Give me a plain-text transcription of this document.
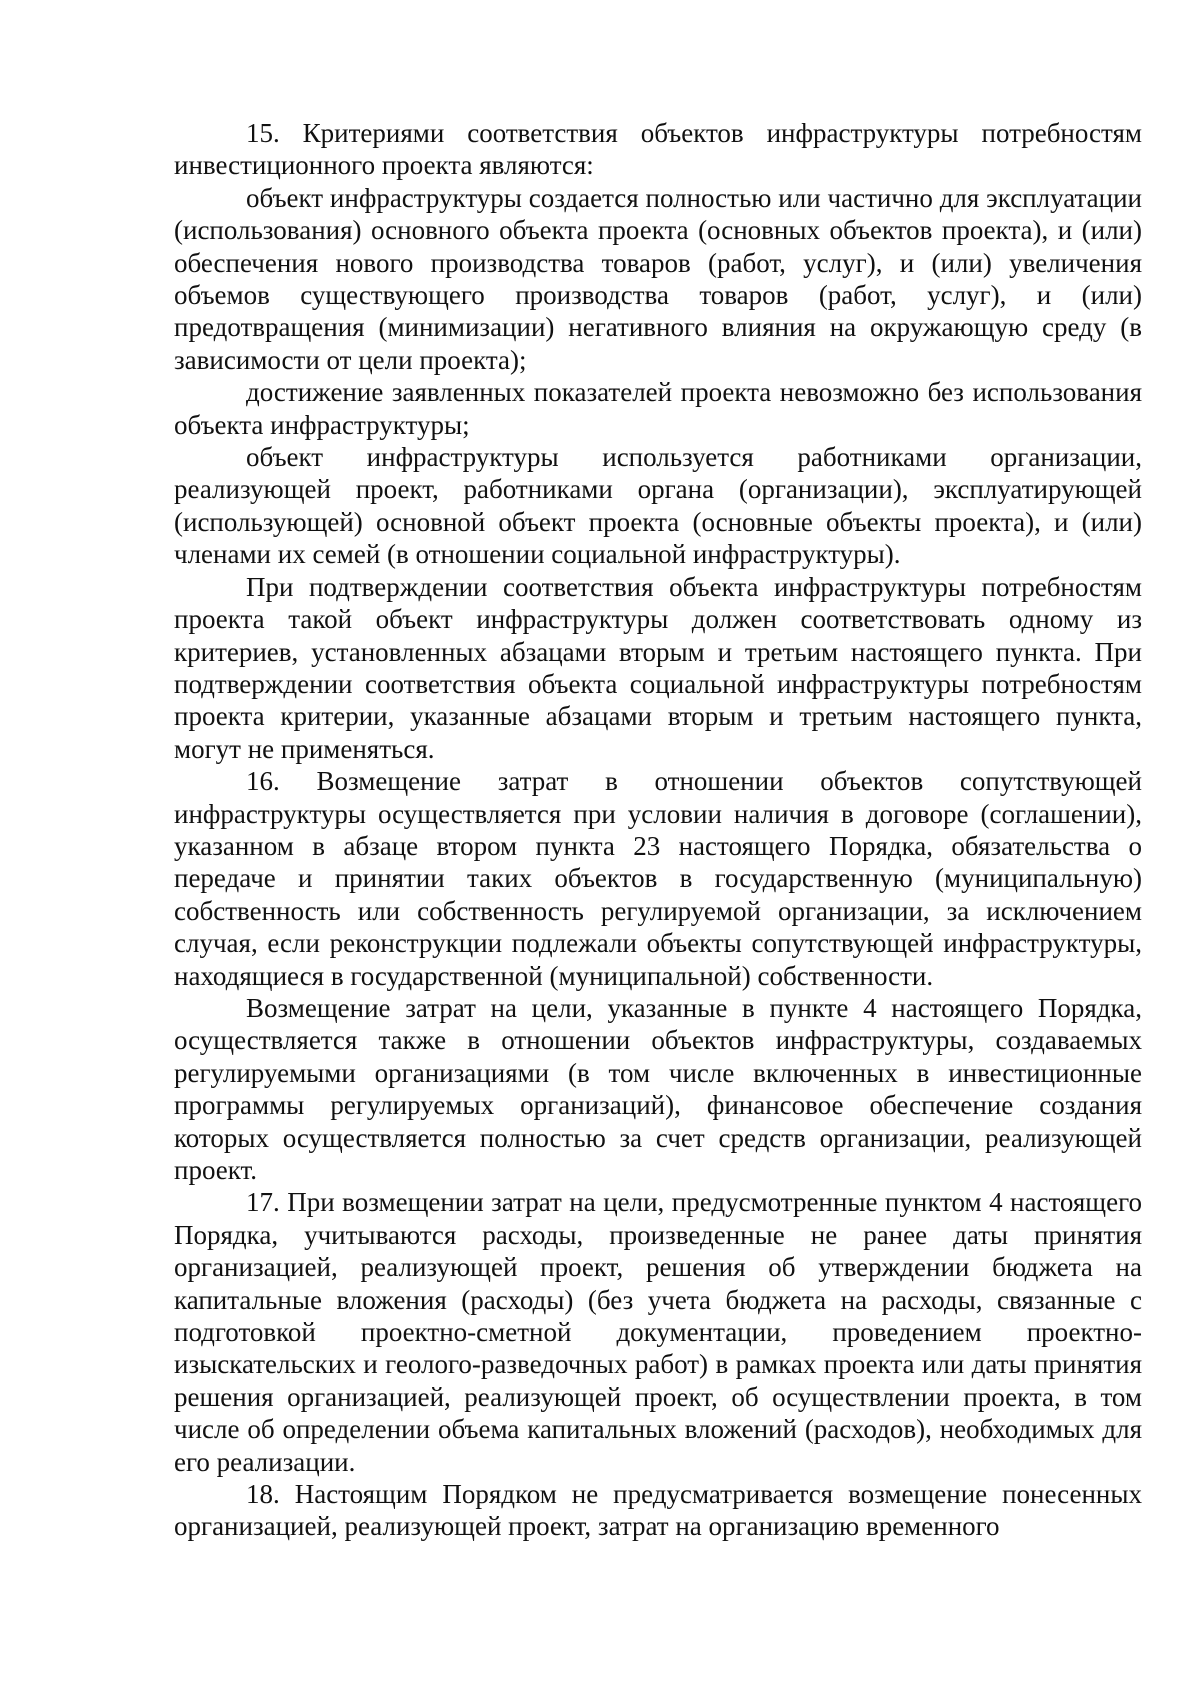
15. Критериями соответствия объектов инфраструктуры потребностям инвестиционного проекта являются:

объект инфраструктуры создается полностью или частично для эксплуатации (использования) основного объекта проекта (основных объектов проекта), и (или) обеспечения нового производства товаров (работ, услуг), и (или) увеличения объемов существующего производства товаров (работ, услуг), и (или) предотвращения (минимизации) негативного влияния на окружающую среду (в зависимости от цели проекта);

достижение заявленных показателей проекта невозможно без использования объекта инфраструктуры;

объект инфраструктуры используется работниками организации, реализующей проект, работниками органа (организации), эксплуатирующей (использующей) основной объект проекта (основные объекты проекта), и (или) членами их семей (в отношении социальной инфраструктуры).

При подтверждении соответствия объекта инфраструктуры потребностям проекта такой объект инфраструктуры должен соответствовать одному из критериев, установленных абзацами вторым и третьим настоящего пункта. При подтверждении соответствия объекта социальной инфраструктуры потребностям проекта критерии, указанные абзацами вторым и третьим настоящего пункта, могут не применяться.

16. Возмещение затрат в отношении объектов сопутствующей инфраструктуры осуществляется при условии наличия в договоре (соглашении), указанном в абзаце втором пункта 23 настоящего Порядка, обязательства о передаче и принятии таких объектов в государственную (муниципальную) собственность или собственность регулируемой организации, за исключением случая, если реконструкции подлежали объекты сопутствующей инфраструктуры, находящиеся в государственной (муниципальной) собственности.

Возмещение затрат на цели, указанные в пункте 4 настоящего Порядка, осуществляется также в отношении объектов инфраструктуры, создаваемых регулируемыми организациями (в том числе включенных в инвестиционные программы регулируемых организаций), финансовое обеспечение создания которых осуществляется полностью за счет средств организации, реализующей проект.

17. При возмещении затрат на цели, предусмотренные пунктом 4 настоящего Порядка, учитываются расходы, произведенные не ранее даты принятия организацией, реализующей проект, решения об утверждении бюджета на капитальные вложения (расходы) (без учета бюджета на расходы, связанные с подготовкой проектно-сметной документации, проведением проектно-изыскательских и геолого-разведочных работ) в рамках проекта или даты принятия решения организацией, реализующей проект, об осуществлении проекта, в том числе об определении объема капитальных вложений (расходов), необходимых для его реализации.

18. Настоящим Порядком не предусматривается возмещение понесенных организацией, реализующей проект, затрат на организацию временного
